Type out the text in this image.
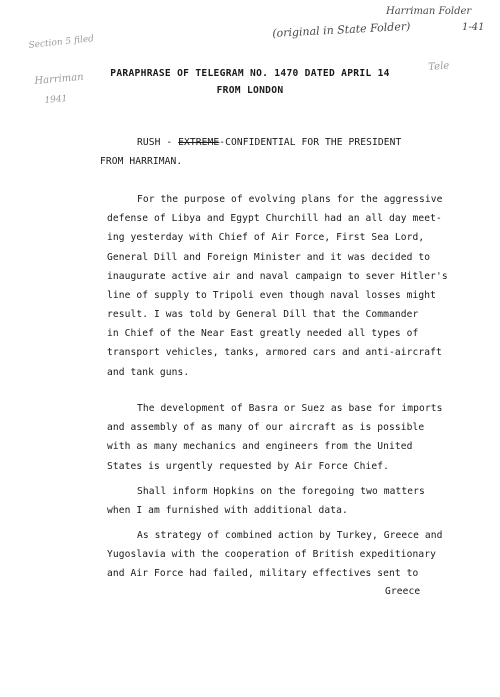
Harriman Folder
1-41
(original in State Folder)
Section 5 filed
Harriman
1941
Tele
PARAPHRASE OF TELEGRAM NO. 1470 DATED APRIL 14
FROM LONDON
RUSH - EXTREME-CONFIDENTIAL FOR THE PRESIDENT
FROM HARRIMAN.
For the purpose of evolving plans for the aggressive
defense of Libya and Egypt Churchill had an all day meet-
ing yesterday with Chief of Air Force, First Sea Lord,
General Dill and Foreign Minister and it was decided to
inaugurate active air and naval campaign to sever Hitler's
line of supply to Tripoli even though naval losses might
result. I was told by General Dill that the Commander
in Chief of the Near East greatly needed all types of
transport vehicles, tanks, armored cars and anti-aircraft
and tank guns.
The development of Basra or Suez as base for imports
and assembly of as many of our aircraft as is possible
with as many mechanics and engineers from the United
States is urgently requested by Air Force Chief.
Shall inform Hopkins on the foregoing two matters
when I am furnished with additional data.
As strategy of combined action by Turkey, Greece and
Yugoslavia with the cooperation of British expeditionary
and Air Force had failed, military effectives sent to
Greece
